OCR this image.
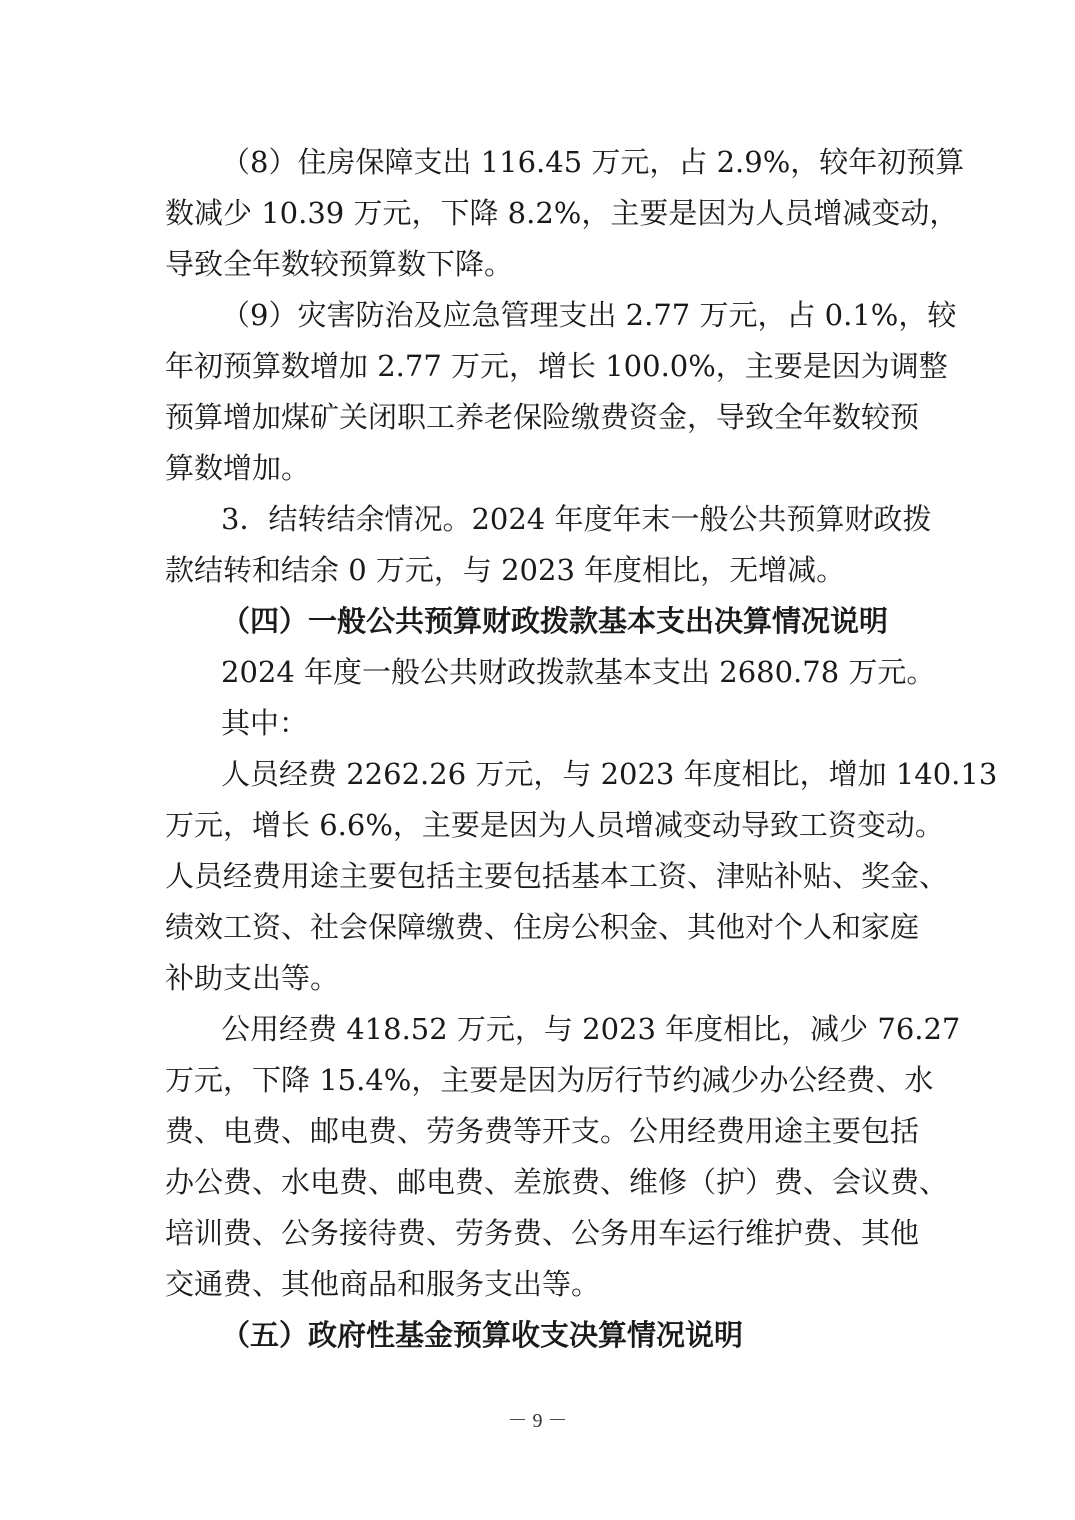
（8）住房保障支出 116.45 万元，占 2.9%，较年初预算
数减少 10.39 万元，下降 8.2%，主要是因为人员增减变动，
导致全年数较预算数下降。
（9）灾害防治及应急管理支出 2.77 万元，占 0.1%，较
年初预算数增加 2.77 万元，增长 100.0%，主要是因为调整
预算增加煤矿关闭职工养老保险缴费资金，导致全年数较预
算数增加。
3．结转结余情况。2024 年度年末一般公共预算财政拨
款结转和结余 0 万元，与 2023 年度相比，无增减。
（四）一般公共预算财政拨款基本支出决算情况说明
2024 年度一般公共财政拨款基本支出 2680.78 万元。
其中：
人员经费 2262.26 万元，与 2023 年度相比，增加 140.13
万元，增长 6.6%，主要是因为人员增减变动导致工资变动。
人员经费用途主要包括主要包括基本工资、津贴补贴、奖金、
绩效工资、社会保障缴费、住房公积金、其他对个人和家庭
补助支出等。
公用经费 418.52 万元，与 2023 年度相比，减少 76.27
万元，下降 15.4%，主要是因为厉行节约减少办公经费、水
费、电费、邮电费、劳务费等开支。公用经费用途主要包括
办公费、水电费、邮电费、差旅费、维修（护）费、会议费、
培训费、公务接待费、劳务费、公务用车运行维护费、其他
交通费、其他商品和服务支出等。
（五）政府性基金预算收支决算情况说明
－ 9 －
